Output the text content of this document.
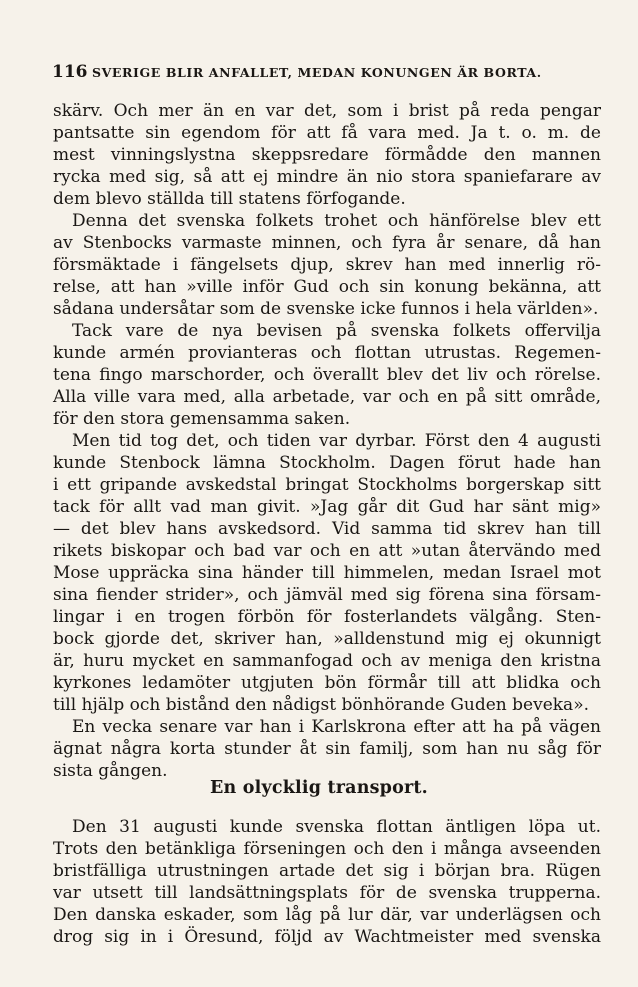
116 SVERIGE BLIR ANFALLET, MEDAN KONUNGEN ÄR BORTA.
skärv. Och mer än en var det, som i brist på reda pengar
pantsatte sin egendom för att få vara med. Ja t. o. m. de
mest vinningslystna skeppsredare förmådde den mannen
rycka med sig, så att ej mindre än nio stora spaniefarare av
dem blevo ställda till statens förfogande.
Denna det svenska folkets trohet och hänförelse blev ett
av Stenbocks varmaste minnen, och fyra år senare, då han
försmäktade i fängelsets djup, skrev han med innerlig rö-
relse, att han »ville inför Gud och sin konung bekänna, att
sådana undersåtar som de svenske icke funnos i hela världen».
Tack vare de nya bevisen på svenska folkets offervilja
kunde armén provianteras och flottan utrustas. Regemen-
tena fingo marschorder, och överallt blev det liv och rörelse.
Alla ville vara med, alla arbetade, var och en på sitt område,
för den stora gemensamma saken.
Men tid tog det, och tiden var dyrbar. Först den 4 augusti
kunde Stenbock lämna Stockholm. Dagen förut hade han
i ett gripande avskedstal bringat Stockholms borgerskap sitt
tack för allt vad man givit. »Jag går dit Gud har sänt mig»
— det blev hans avskedsord. Vid samma tid skrev han till
rikets biskopar och bad var och en att »utan återvändo med
Mose uppräcka sina händer till himmelen, medan Israel mot
sina fiender strider», och jämväl med sig förena sina försam-
lingar i en trogen förbön för fosterlandets välgång. Sten-
bock gjorde det, skriver han, »alldenstund mig ej okunnigt
är, huru mycket en sammanfogad och av meniga den kristna
kyrkones ledamöter utgjuten bön förmår till att blidka och
till hjälp och bistånd den nådigst bönhörande Guden beveka».
En vecka senare var han i Karlskrona efter att ha på vägen
ägnat några korta stunder åt sin familj, som han nu såg för
sista gången.
En olycklig transport.
Den 31 augusti kunde svenska flottan äntligen löpa ut.
Trots den betänkliga förseningen och den i många avseenden
bristfälliga utrustningen artade det sig i början bra. Rügen
var utsett till landsättningsplats för de svenska trupperna.
Den danska eskader, som låg på lur där, var underlägsen och
drog sig in i Öresund, följd av Wachtmeister med svenska
